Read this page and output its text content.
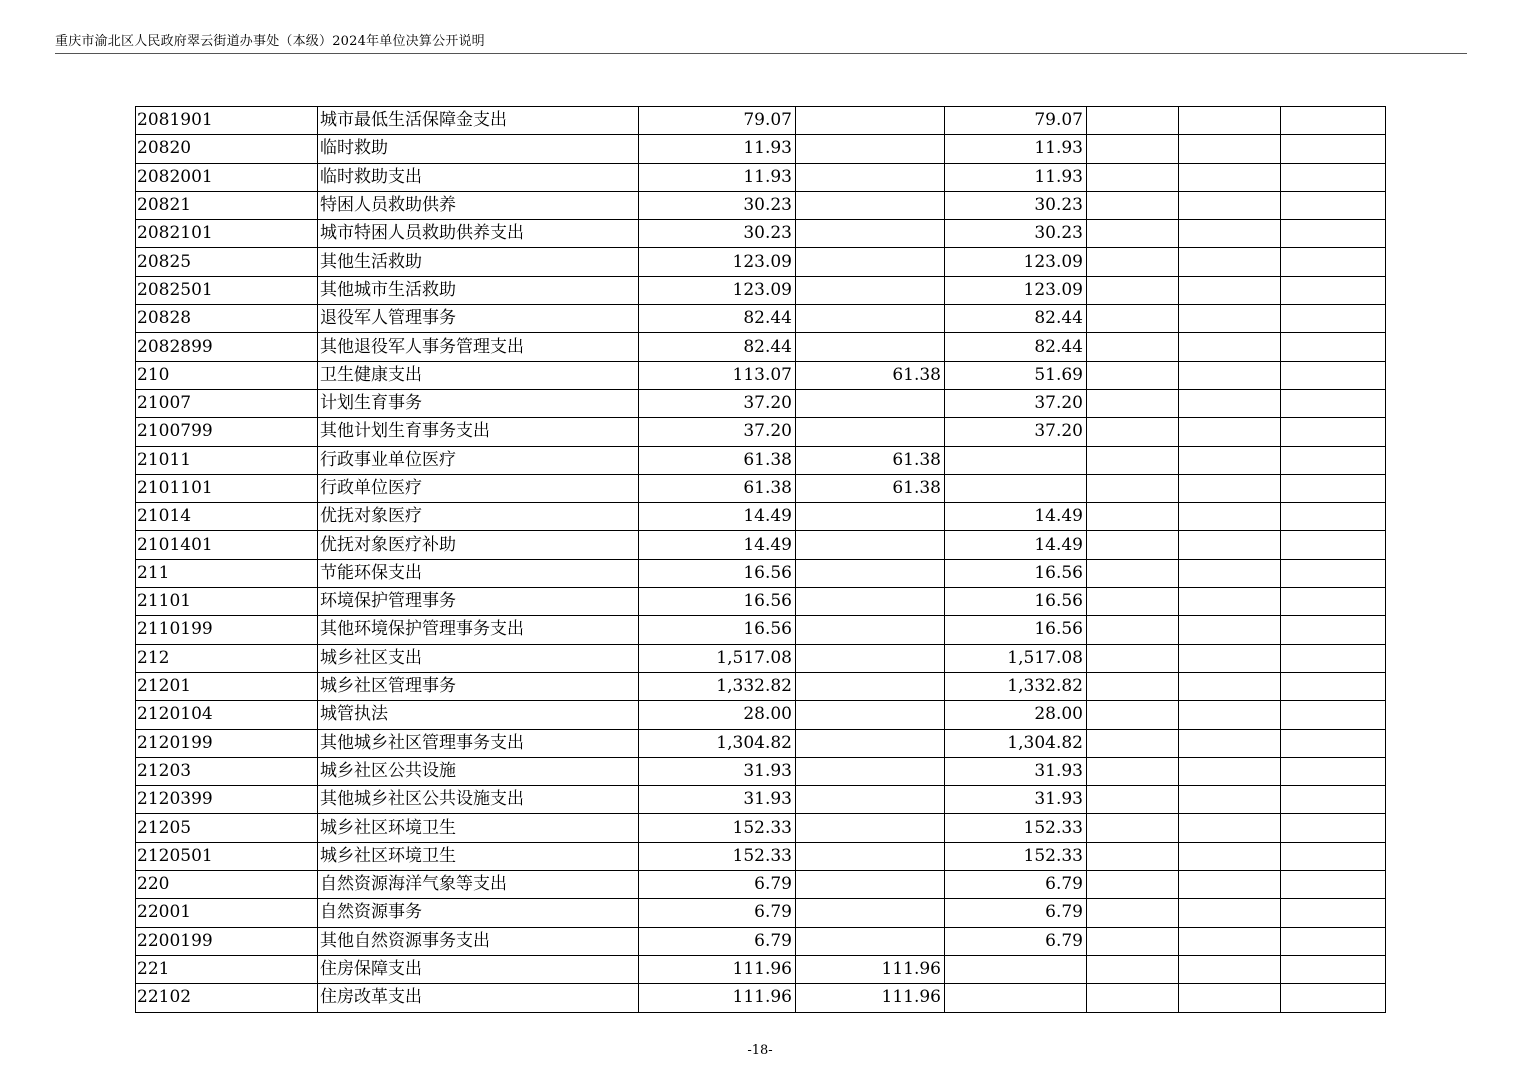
重庆市渝北区人民政府翠云街道办事处（本级）2024年单位决算公开说明
2081901	城市最低生活保障金支出	79.07		79.07			
20820	临时救助	11.93		11.93			
2082001	临时救助支出	11.93		11.93			
20821	特困人员救助供养	30.23		30.23			
2082101	城市特困人员救助供养支出	30.23		30.23			
20825	其他生活救助	123.09		123.09			
2082501	其他城市生活救助	123.09		123.09			
20828	退役军人管理事务	82.44		82.44			
2082899	其他退役军人事务管理支出	82.44		82.44			
210	卫生健康支出	113.07	61.38	51.69			
21007	计划生育事务	37.20		37.20			
2100799	其他计划生育事务支出	37.20		37.20			
21011	行政事业单位医疗	61.38	61.38				
2101101	行政单位医疗	61.38	61.38				
21014	优抚对象医疗	14.49		14.49			
2101401	优抚对象医疗补助	14.49		14.49			
211	节能环保支出	16.56		16.56			
21101	环境保护管理事务	16.56		16.56			
2110199	其他环境保护管理事务支出	16.56		16.56			
212	城乡社区支出	1,517.08		1,517.08			
21201	城乡社区管理事务	1,332.82		1,332.82			
2120104	城管执法	28.00		28.00			
2120199	其他城乡社区管理事务支出	1,304.82		1,304.82			
21203	城乡社区公共设施	31.93		31.93			
2120399	其他城乡社区公共设施支出	31.93		31.93			
21205	城乡社区环境卫生	152.33		152.33			
2120501	城乡社区环境卫生	152.33		152.33			
220	自然资源海洋气象等支出	6.79		6.79			
22001	自然资源事务	6.79		6.79			
2200199	其他自然资源事务支出	6.79		6.79			
221	住房保障支出	111.96	111.96				
22102	住房改革支出	111.96	111.96				
-18-
